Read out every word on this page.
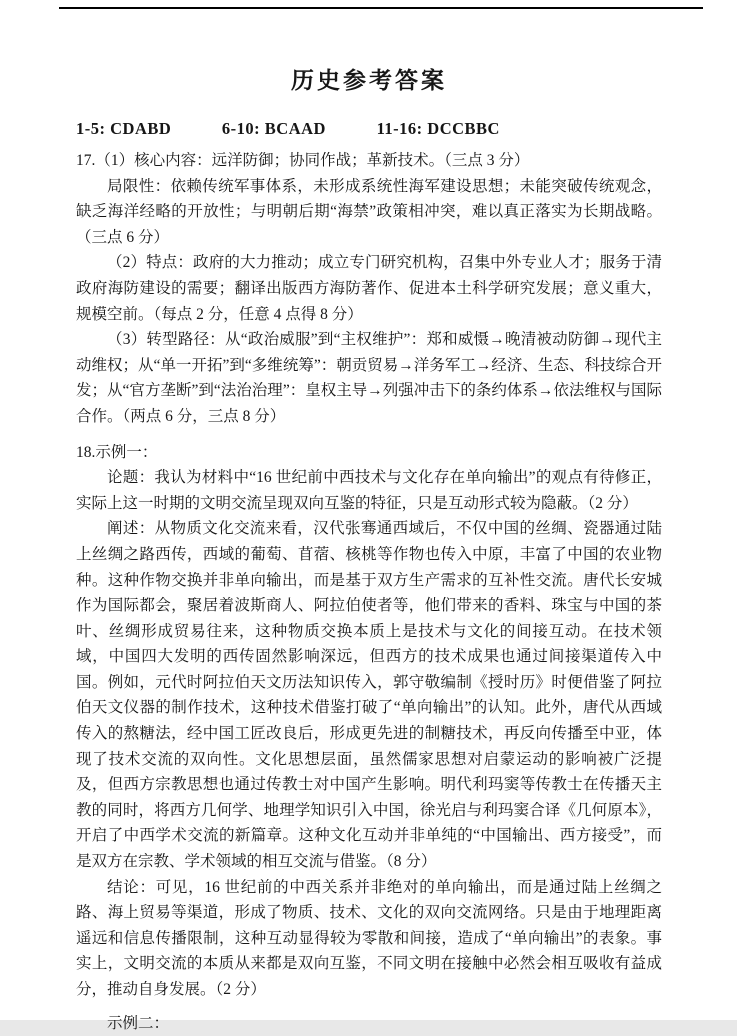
历史参考答案
1-5: CDABD	6-10: BCAAD	11-16: DCCBBC

17.（1）核心内容：远洋防御；协同作战；革新技术。（三点 3 分）

局限性：依赖传统军事体系，未形成系统性海军建设思想；未能突破传统观念，缺乏海洋经略的开放性；与明朝后期“海禁”政策相冲突，难以真正落实为长期战略。（三点 6 分）

（2）特点：政府的大力推动；成立专门研究机构，召集中外专业人才；服务于清政府海防建设的需要；翻译出版西方海防著作、促进本土科学研究发展；意义重大，规模空前。（每点 2 分，任意 4 点得 8 分）

（3）转型路径：从“政治威服”到“主权维护”：郑和威慑→晚清被动防御→现代主动维权；从“单一开拓”到“多维统筹”：朝贡贸易→洋务军工→经济、生态、科技综合开发；从“官方垄断”到“法治治理”：皇权主导→列强冲击下的条约体系→依法维权与国际合作。（两点 6 分，三点 8 分）

18.示例一：

论题：我认为材料中“16 世纪前中西技术与文化存在单向输出”的观点有待修正，实际上这一时期的文明交流呈现双向互鉴的特征，只是互动形式较为隐蔽。（2 分）

阐述：从物质文化交流来看，汉代张骞通西域后，不仅中国的丝绸、瓷器通过陆上丝绸之路西传，西域的葡萄、苜蓿、核桃等作物也传入中原，丰富了中国的农业物种。这种作物交换并非单向输出，而是基于双方生产需求的互补性交流。唐代长安城作为国际都会，聚居着波斯商人、阿拉伯使者等，他们带来的香料、珠宝与中国的茶叶、丝绸形成贸易往来，这种物质交换本质上是技术与文化的间接互动。在技术领域，中国四大发明的西传固然影响深远，但西方的技术成果也通过间接渠道传入中国。例如，元代时阿拉伯天文历法知识传入，郭守敬编制《授时历》时便借鉴了阿拉伯天文仪器的制作技术，这种技术借鉴打破了“单向输出”的认知。此外，唐代从西域传入的熬糖法，经中国工匠改良后，形成更先进的制糖技术，再反向传播至中亚，体现了技术交流的双向性。文化思想层面，虽然儒家思想对启蒙运动的影响被广泛提及，但西方宗教思想也通过传教士对中国产生影响。明代利玛窦等传教士在传播天主教的同时，将西方几何学、地理学知识引入中国，徐光启与利玛窦合译《几何原本》，开启了中西学术交流的新篇章。这种文化互动并非单纯的“中国输出、西方接受”，而是双方在宗教、学术领域的相互交流与借鉴。（8 分）

结论：可见，16 世纪前的中西关系并非绝对的单向输出，而是通过陆上丝绸之路、海上贸易等渠道，形成了物质、技术、文化的双向交流网络。只是由于地理距离遥远和信息传播限制，这种互动显得较为零散和间接，造成了“单向输出”的表象。事实上，文明交流的本质从来都是双向互鉴，不同文明在接触中必然会相互吸收有益成分，推动自身发展。（2 分）

示例二：
